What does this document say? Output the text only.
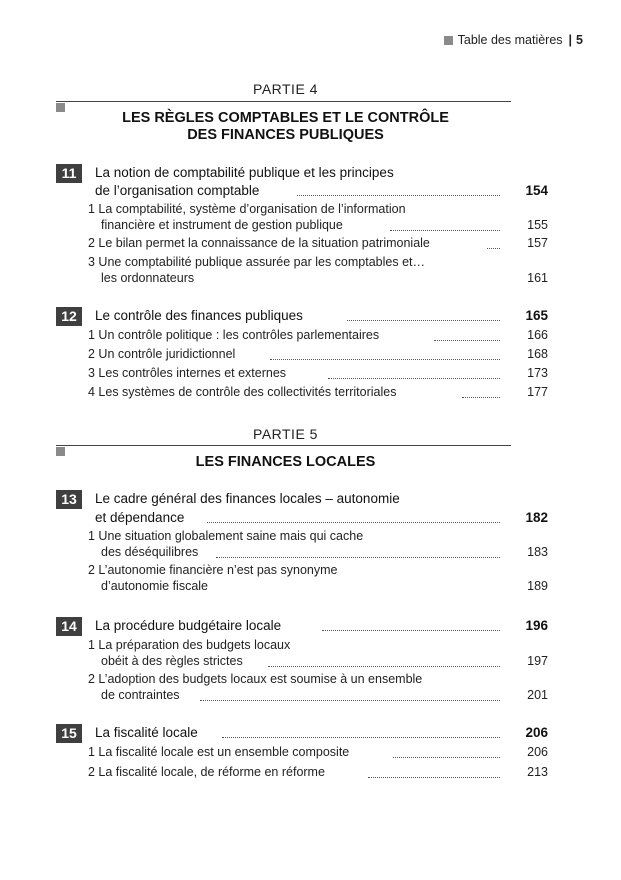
Table des matières | 5
PARTIE 4
LES RÈGLES COMPTABLES ET LE CONTRÔLE
DES FINANCES PUBLIQUES
11	La notion de comptabilité publique et les principes
de l’organisation comptable	154
1 La comptabilité, système d’organisation de l’information
financière et instrument de gestion publique	155
2 Le bilan permet la connaissance de la situation patrimoniale	157
3 Une comptabilité publique assurée par les comptables et…
les ordonnateurs	161
12	Le contrôle des finances publiques	165
1 Un contrôle politique : les contrôles parlementaires	166
2 Un contrôle juridictionnel	168
3 Les contrôles internes et externes	173
4 Les systèmes de contrôle des collectivités territoriales	177
PARTIE 5
LES FINANCES LOCALES
13	Le cadre général des finances locales – autonomie
et dépendance	182
1 Une situation globalement saine mais qui cache
des déséquilibres	183
2 L’autonomie financière n’est pas synonyme
d’autonomie fiscale	189
14	La procédure budgétaire locale	196
1 La préparation des budgets locaux
obéit à des règles strictes	197
2 L’adoption des budgets locaux est soumise à un ensemble
de contraintes	201
15	La fiscalité locale	206
1 La fiscalité locale est un ensemble composite	206
2 La fiscalité locale, de réforme en réforme	213
